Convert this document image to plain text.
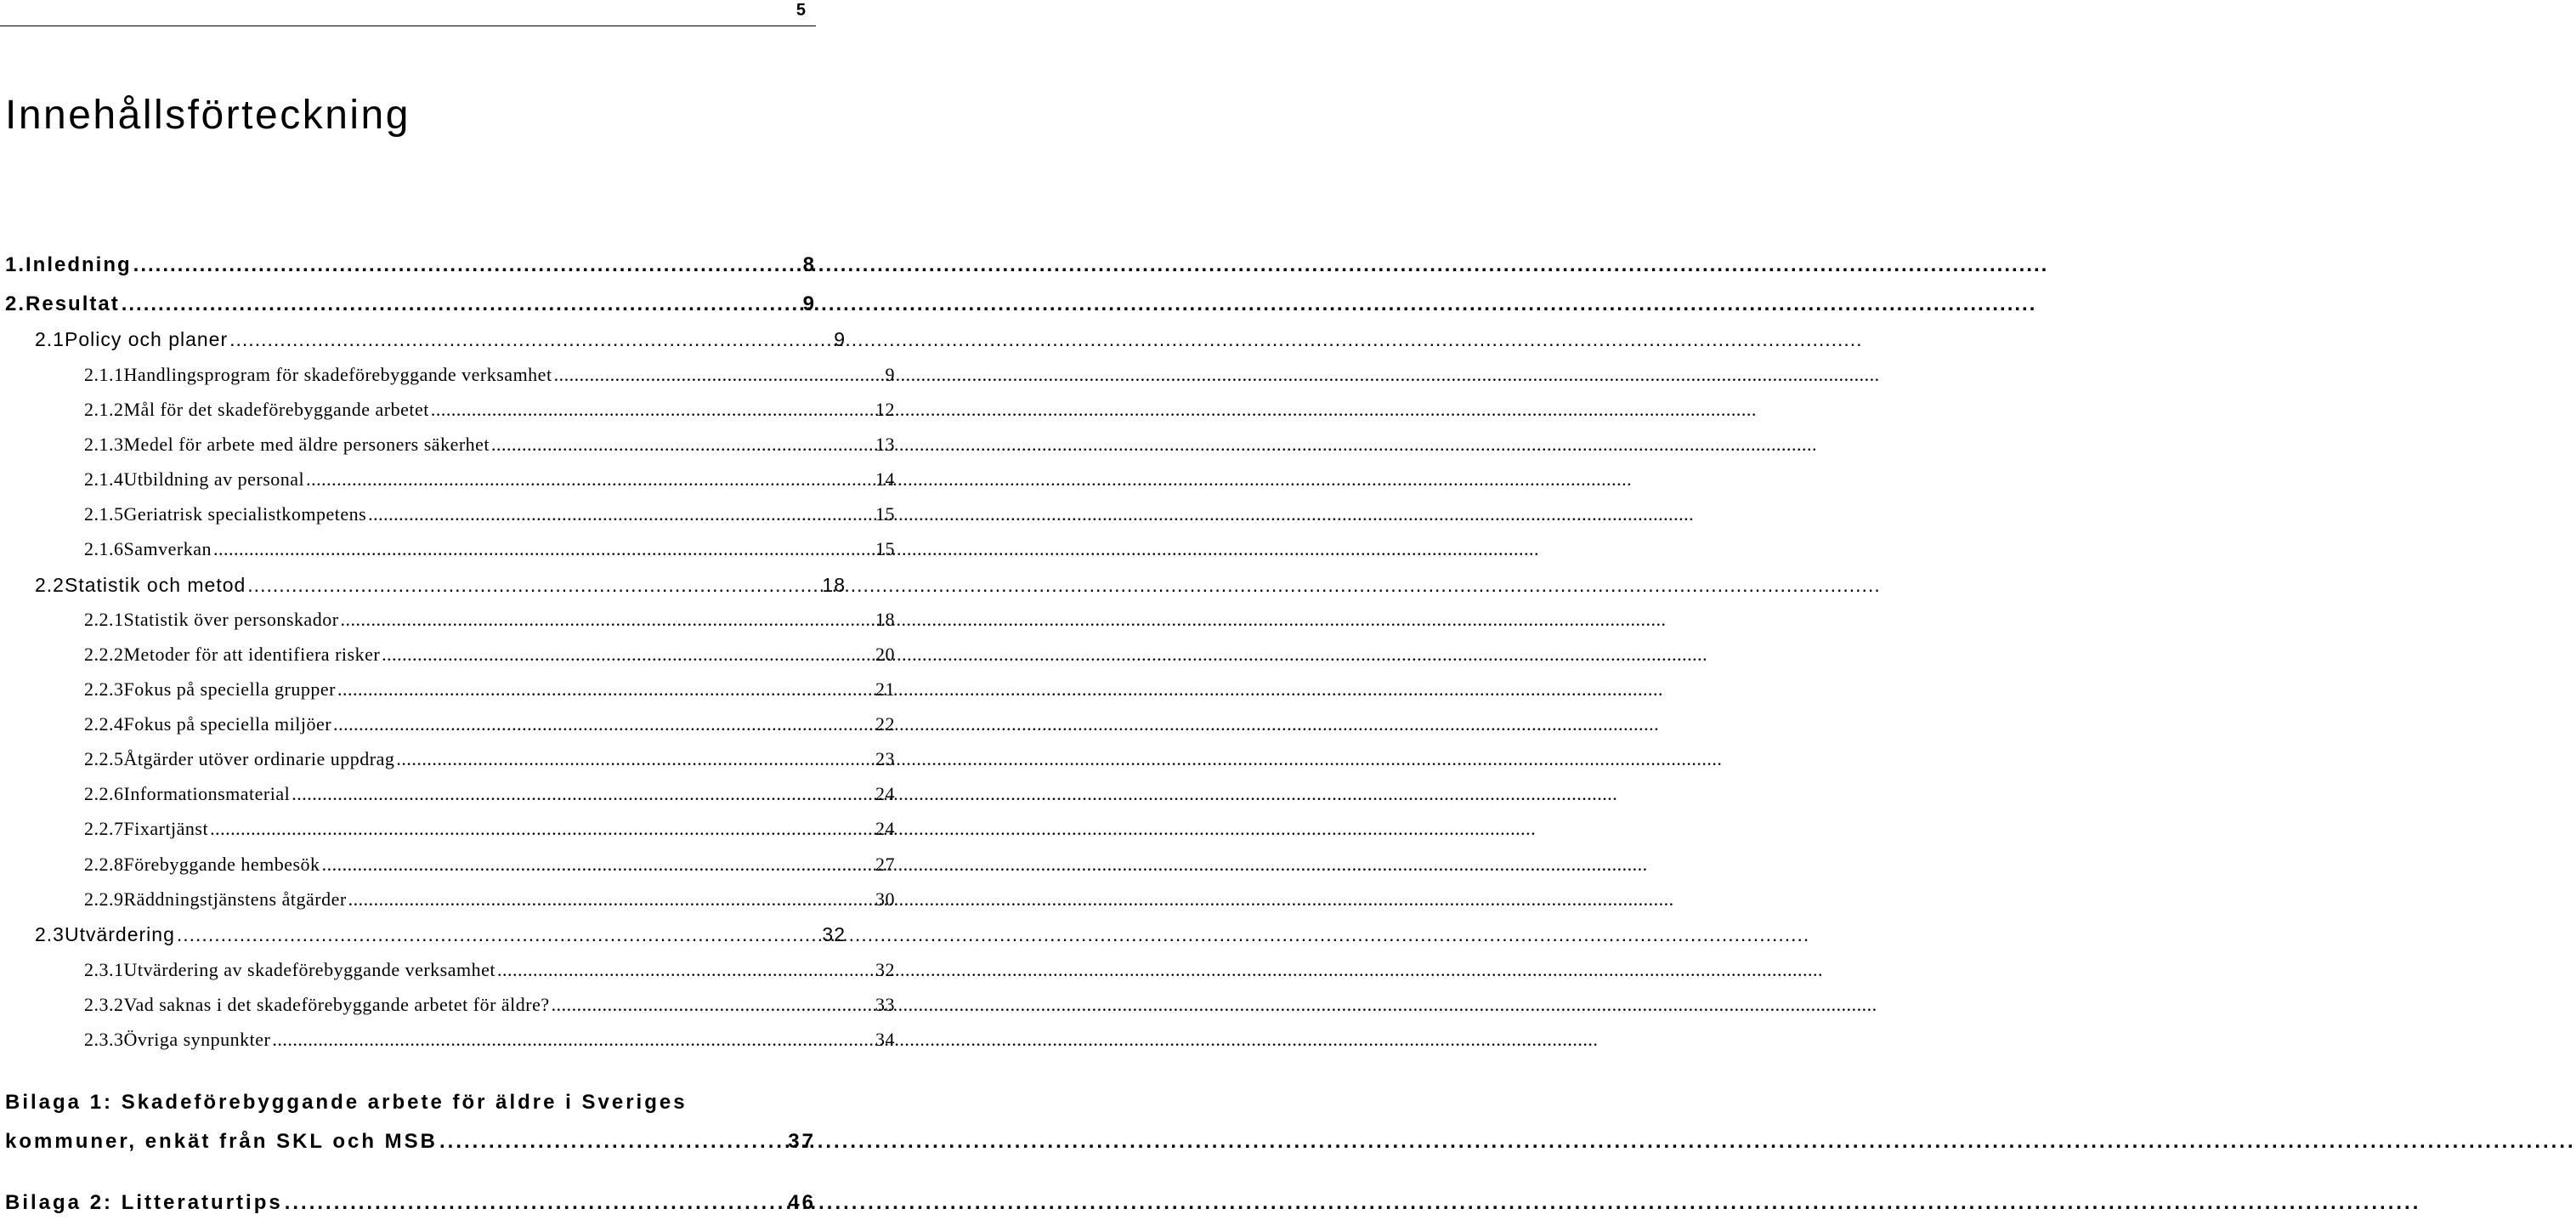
5
Innehållsförteckning
1. Inledning .....	8
2. Resultat .....	9
2.1 Policy och planer .....	9
2.1.1 Handlingsprogram för skadeförebyggande verksamhet .....	9
2.1.2 Mål för det skadeförebyggande arbetet .....	12
2.1.3 Medel för arbete med äldre personers säkerhet .....	13
2.1.4 Utbildning av personal .....	14
2.1.5 Geriatrisk specialistkompetens .....	15
2.1.6 Samverkan .....	15
2.2 Statistik och metod .....	18
2.2.1 Statistik över personskador .....	18
2.2.2 Metoder för att identifiera risker .....	20
2.2.3 Fokus på speciella grupper .....	21
2.2.4 Fokus på speciella miljöer .....	22
2.2.5 Åtgärder utöver ordinarie uppdrag .....	23
2.2.6 Informationsmaterial .....	24
2.2.7 Fixartjänst .....	24
2.2.8 Förebyggande hembesök .....	27
2.2.9 Räddningstjänstens åtgärder .....	30
2.3 Utvärdering .....	32
2.3.1 Utvärdering av skadeförebyggande verksamhet .....	32
2.3.2 Vad saknas i det skadeförebyggande arbetet för äldre? .....	33
2.3.3 Övriga synpunkter .....	34
Bilaga 1: Skadeförebyggande arbete för äldre i Sveriges
kommuner, enkät från SKL och MSB .....	37
Bilaga 2: Litteraturtips .....	46
